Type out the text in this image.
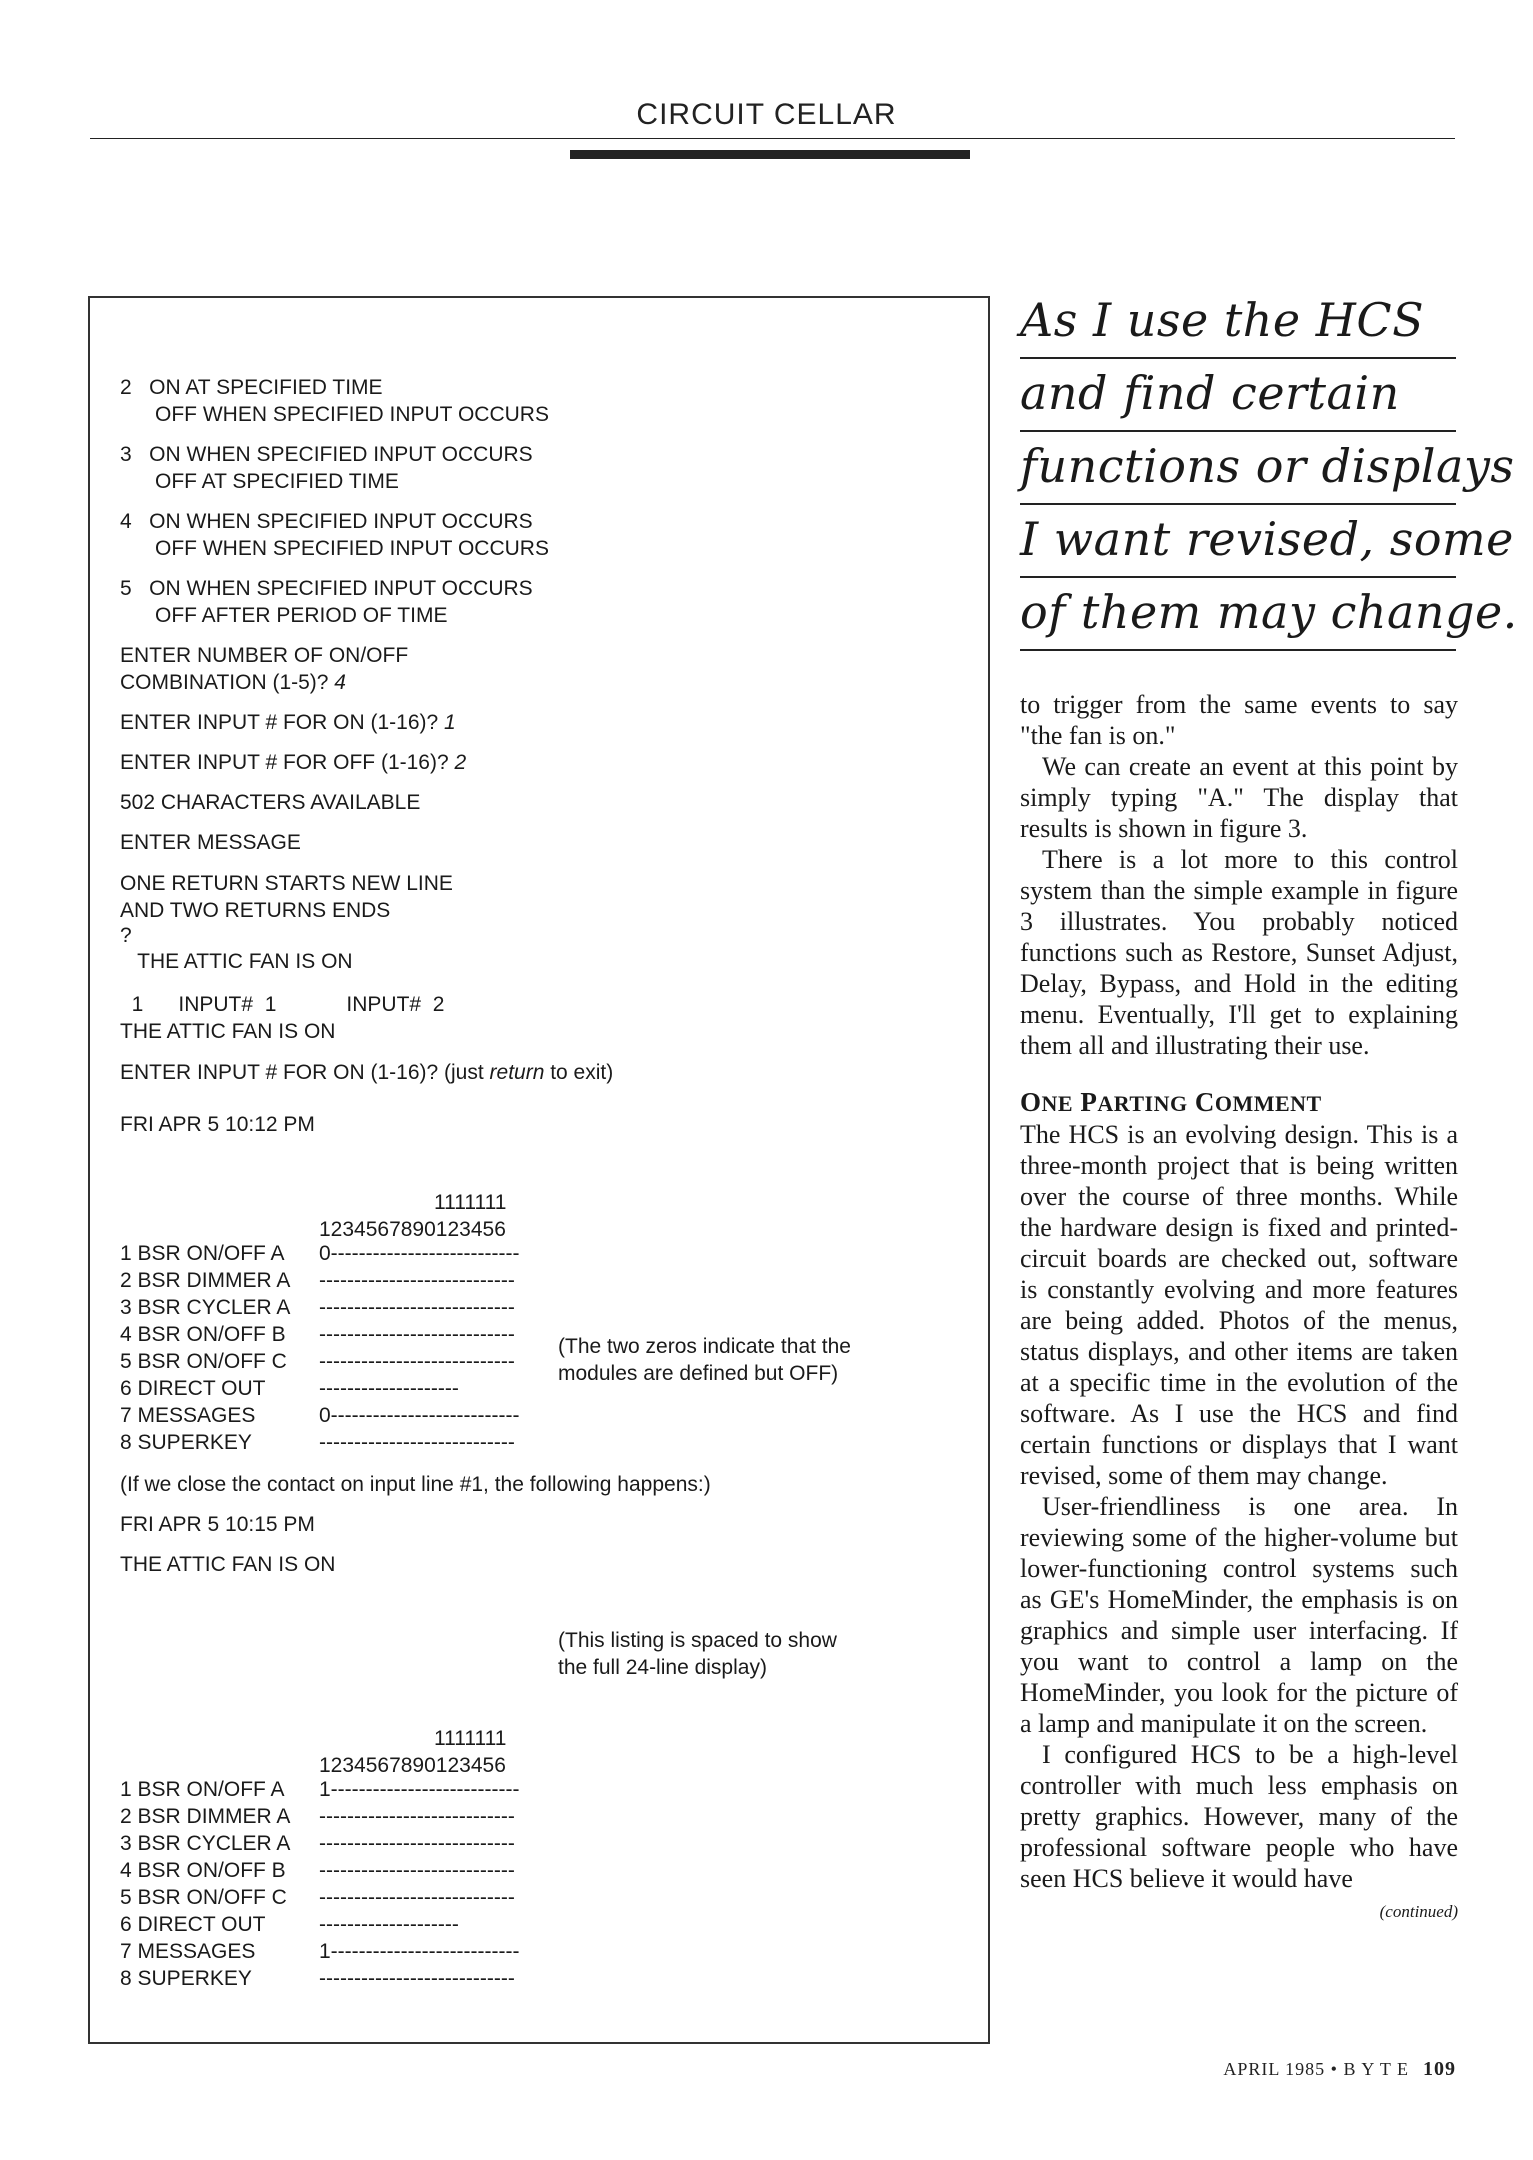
CIRCUIT CELLAR
2   ON AT SPECIFIED TIME
OFF WHEN SPECIFIED INPUT OCCURS
3   ON WHEN SPECIFIED INPUT OCCURS
OFF AT SPECIFIED TIME
4   ON WHEN SPECIFIED INPUT OCCURS
OFF WHEN SPECIFIED INPUT OCCURS
5   ON WHEN SPECIFIED INPUT OCCURS
OFF AFTER PERIOD OF TIME
ENTER NUMBER OF ON/OFF
COMBINATION (1-5)? 4
ENTER INPUT # FOR ON (1-16)? 1
ENTER INPUT # FOR OFF (1-16)? 2
502 CHARACTERS AVAILABLE
ENTER MESSAGE
ONE RETURN STARTS NEW LINE
AND TWO RETURNS ENDS
?
THE ATTIC FAN IS ON
1      INPUT#  1            INPUT#  2
THE ATTIC FAN IS ON
ENTER INPUT # FOR ON (1-16)? (just return to exit)
FRI APR 5 10:12 PM
1111111
1234567890123456
1 BSR ON/OFF A 0---------------------------
2 BSR DIMMER A ----------------------------
3 BSR CYCLER A ----------------------------
4 BSR ON/OFF B ----------------------------
5 BSR ON/OFF C ----------------------------
6 DIRECT OUT	--------------------
7 MESSAGES	0---------------------------
8 SUPERKEY	----------------------------
(The two zeros indicate that the
modules are defined but OFF)
(If we close the contact on input line #1, the following happens:)
FRI APR 5 10:15 PM
THE ATTIC FAN IS ON
(This listing is spaced to show
the full 24-line display)
1111111
1234567890123456
1 BSR ON/OFF A 1---------------------------
2 BSR DIMMER A ----------------------------
3 BSR CYCLER A ----------------------------
4 BSR ON/OFF B ----------------------------
5 BSR ON/OFF C ----------------------------
6 DIRECT OUT	--------------------
7 MESSAGES	1---------------------------
8 SUPERKEY	----------------------------
As I use the HCS
and find certain
functions or displays
I want revised, some
of them may change.

to trigger from the same events to say "the fan is on."

We can create an event at this point by simply typing "A." The display that results is shown in figure 3.

There is a lot more to this control system than the simple example in figure 3 illustrates. You probably noticed functions such as Restore, Sunset Adjust, Delay, Bypass, and Hold in the editing menu. Eventually, I'll get to explaining them all and illustrating their use.

ONE PARTING COMMENT

The HCS is an evolving design. This is a three-month project that is being written over the course of three months. While the hardware design is fixed and printed-circuit boards are checked out, software is constantly evolving and more features are being added. Photos of the menus, status displays, and other items are taken at a specific time in the evolution of the software. As I use the HCS and find certain functions or displays that I want revised, some of them may change.

User-friendliness is one area. In reviewing some of the higher-volume but lower-functioning control systems such as GE's HomeMinder, the emphasis is on graphics and simple user interfacing. If you want to control a lamp on the HomeMinder, you look for the picture of a lamp and manipulate it on the screen.

I configured HCS to be a high-level controller with much less emphasis on pretty graphics. However, many of the professional software people who have seen HCS believe it would have

(continued)
APRIL 1985 • B Y T E 109
